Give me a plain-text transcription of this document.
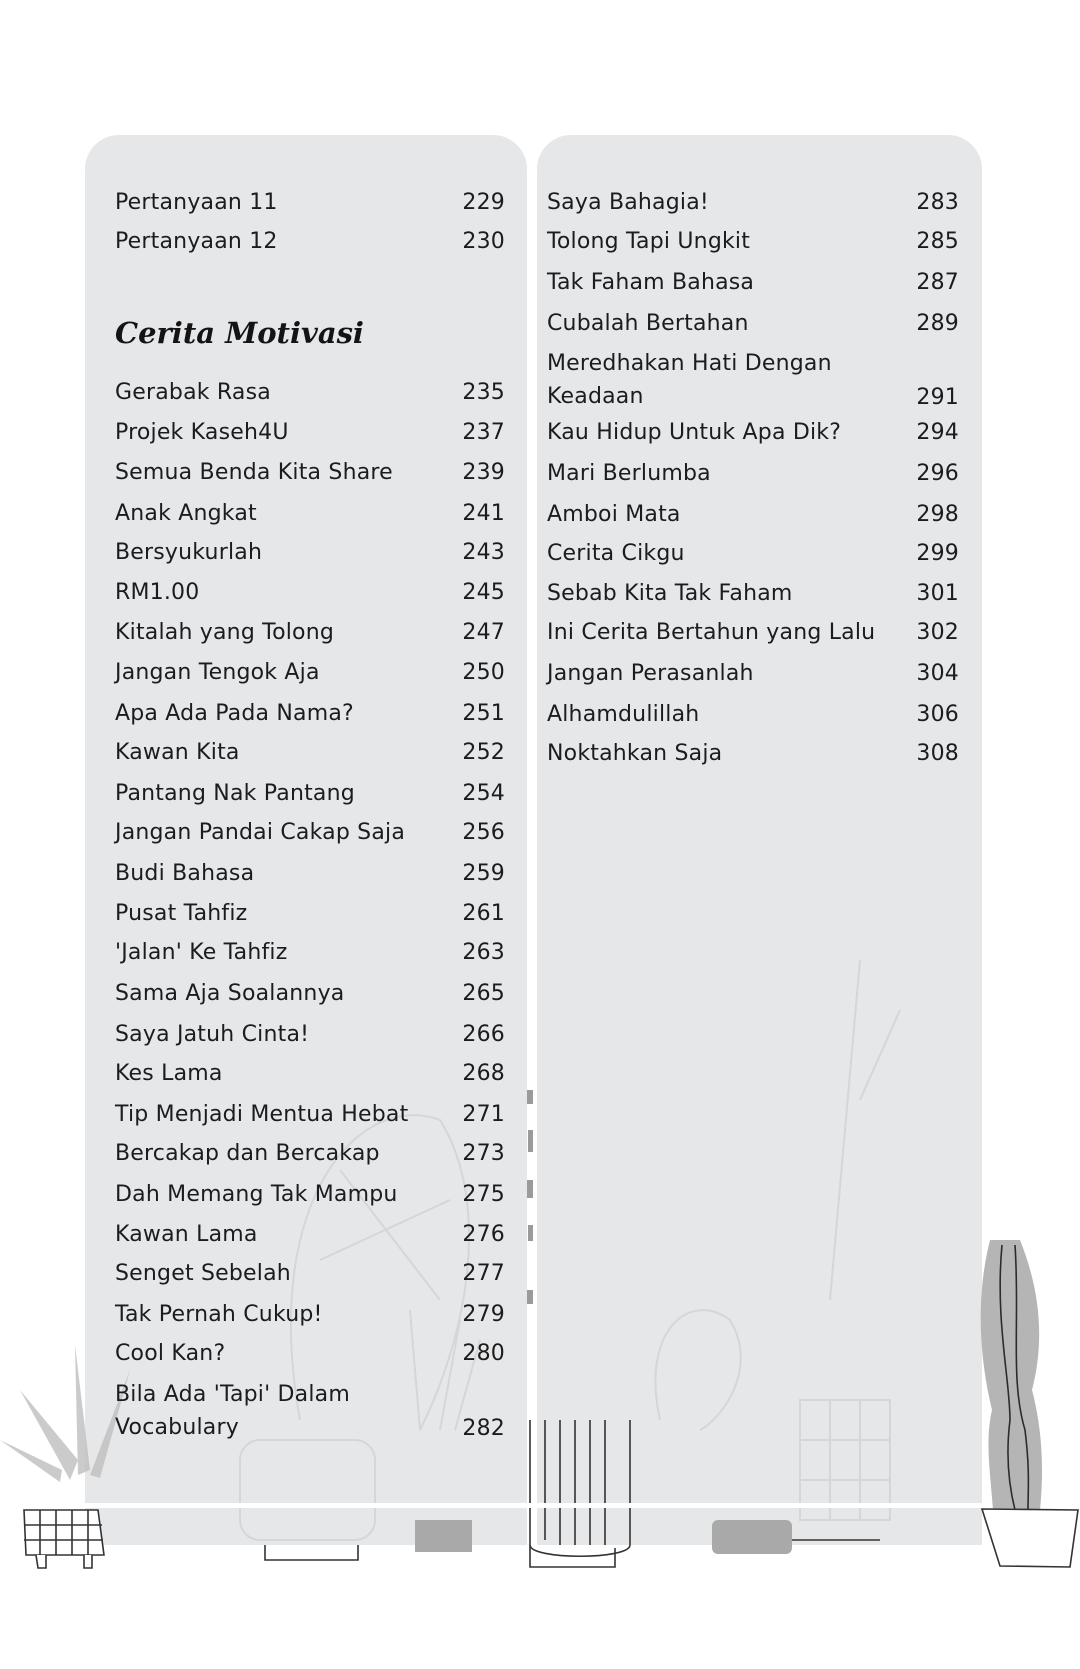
Pertanyaan 11	229
Pertanyaan 12	230
Cerita Motivasi
Gerabak Rasa	235
Projek Kaseh4U	237
Semua Benda Kita Share	239
Anak Angkat	241
Bersyukurlah	243
RM1.00	245
Kitalah yang Tolong	247
Jangan Tengok Aja	250
Apa Ada Pada Nama?	251
Kawan Kita	252
Pantang Nak Pantang	254
Jangan Pandai Cakap Saja	256
Budi Bahasa	259
Pusat Tahfiz	261
'Jalan' Ke Tahfiz	263
Sama Aja Soalannya	265
Saya Jatuh Cinta!	266
Kes Lama	268
Tip Menjadi Mentua Hebat 271
Bercakap dan Bercakap	273
Dah Memang Tak Mampu	275
Kawan Lama	276
Senget Sebelah	277
Tak Pernah Cukup!	279
Cool Kan?	280
Bila Ada 'Tapi' Dalam
Vocabulary	282
Saya Bahagia!	283
Tolong Tapi Ungkit	285
Tak Faham Bahasa	287
Cubalah Bertahan	289
Meredhakan Hati Dengan
Keadaan	291
Kau Hidup Untuk Apa Dik?	294
Mari Berlumba	296
Amboi Mata	298
Cerita Cikgu	299
Sebab Kita Tak Faham	301
Ini Cerita Bertahun yang Lalu 302
Jangan Perasanlah	304
Alhamdulillah	306
Noktahkan Saja	308
